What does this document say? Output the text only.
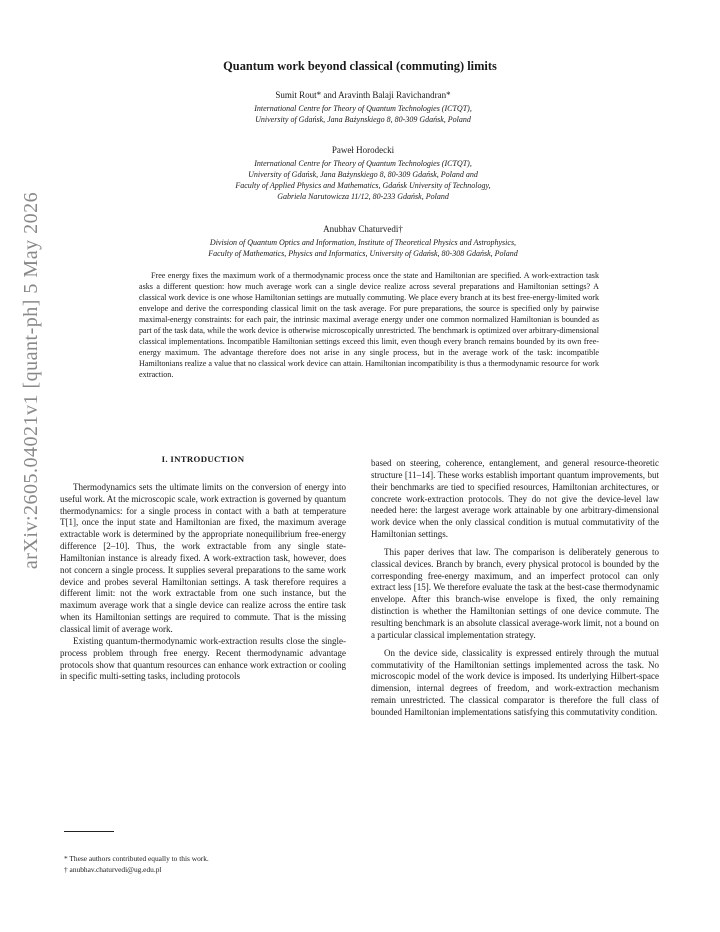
arXiv:2605.04021v1 [quant-ph] 5 May 2026
Quantum work beyond classical (commuting) limits
Sumit Rout* and Aravinth Balaji Ravichandran*
International Centre for Theory of Quantum Technologies (ICTQT),
University of Gdańsk, Jana Bażynskiego 8, 80-309 Gdańsk, Poland
Paweł Horodecki
International Centre for Theory of Quantum Technologies (ICTQT),
University of Gdańsk, Jana Bażynskiego 8, 80-309 Gdańsk, Poland and
Faculty of Applied Physics and Mathematics, Gdańsk University of Technology,
Gabriela Narutowicza 11/12, 80-233 Gdańsk, Poland
Anubhav Chaturvedi†
Division of Quantum Optics and Information, Institute of Theoretical Physics and Astrophysics,
Faculty of Mathematics, Physics and Informatics, University of Gdańsk, 80-308 Gdańsk, Poland

Free energy fixes the maximum work of a thermodynamic process once the state and Hamiltonian are specified. A work-extraction task asks a different question: how much average work can a single device realize across several preparations and Hamiltonian settings? A classical work device is one whose Hamiltonian settings are mutually commuting. We place every branch at its best free-energy-limited work envelope and derive the corresponding classical limit on the task average. For pure preparations, the source is specified only by pairwise maximal-energy constraints: for each pair, the intrinsic maximal average energy under one common normalized Hamiltonian is bounded as part of the task data, while the work device is otherwise microscopically unrestricted. The benchmark is optimized over arbitrary-dimensional classical implementations. Incompatible Hamiltonian settings exceed this limit, even though every branch remains bounded by its own free-energy maximum. The advantage therefore does not arise in any single process, but in the average work of the task: incompatible Hamiltonians realize a value that no classical work device can attain. Hamiltonian incompatibility is thus a thermodynamic resource for work extraction.

I. INTRODUCTION

Thermodynamics sets the ultimate limits on the conversion of energy into useful work. At the microscopic scale, work extraction is governed by quantum thermodynamics: for a single process in contact with a bath at temperature T[1], once the input state and Hamiltonian are fixed, the maximum average extractable work is determined by the appropriate nonequilibrium free-energy difference [2–10]. Thus, the work extractable from any single state-Hamiltonian instance is already fixed. A work-extraction task, however, does not concern a single process. It supplies several preparations to the same work device and probes several Hamiltonian settings. A task therefore requires a different limit: not the work extractable from one such instance, but the maximum average work that a single device can realize across the entire task when its Hamiltonian settings are required to commute. That is the missing classical limit of average work.

Existing quantum-thermodynamic work-extraction results close the single-process problem through free energy. Recent thermodynamic advantage protocols show that quantum resources can enhance work extraction or cooling in specific multi-setting tasks, including protocols

based on steering, coherence, entanglement, and general resource-theoretic structure [11–14]. These works establish important quantum improvements, but their benchmarks are tied to specified resources, Hamiltonian architectures, or concrete work-extraction protocols. They do not give the device-level law needed here: the largest average work attainable by one arbitrary-dimensional work device when the only classical condition is mutual commutativity of the Hamiltonian settings.

This paper derives that law. The comparison is deliberately generous to classical devices. Branch by branch, every physical protocol is bounded by the corresponding free-energy maximum, and an imperfect protocol can only extract less [15]. We therefore evaluate the task at the best-case thermodynamic envelope. After this branch-wise envelope is fixed, the only remaining distinction is whether the Hamiltonian settings of one device commute. The resulting benchmark is an absolute classical average-work limit, not a bound on a particular classical implementation strategy.

On the device side, classicality is expressed entirely through the mutual commutativity of the Hamiltonian settings implemented across the task. No microscopic model of the work device is imposed. Its underlying Hilbert-space dimension, internal degrees of freedom, and work-extraction mechanism remain unrestricted. The classical comparator is therefore the full class of bounded Hamiltonian implementations satisfying this commutativity condition.

* These authors contributed equally to this work.
† anubhav.chaturvedi@ug.edu.pl
